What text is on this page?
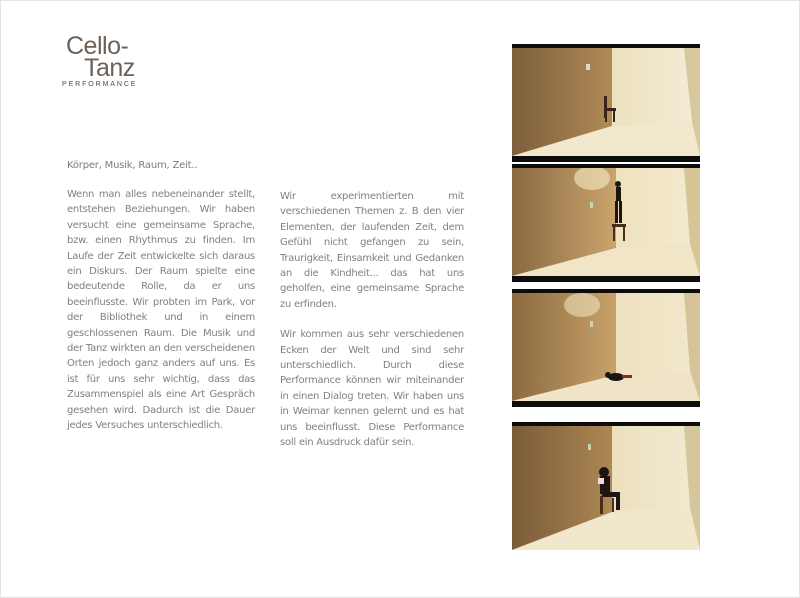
Cello-
Tanz
PERFORMANCE
Körper, Musik, Raum, Zeit..

Wenn man alles nebeneinander stellt, entstehen Beziehungen. Wir haben versucht eine gemeinsame Sprache, bzw. einen Rhythmus zu finden. Im Laufe der Zeit entwickelte sich daraus ein Diskurs. Der Raum spielte eine bedeutende Rolle, da er uns beeinflusste. Wir probten im Park, vor der Bibliothek und in einem geschlossenen Raum. Die Musik und der Tanz wirkten an den verscheidenen Orten jedoch ganz anders auf uns. Es ist für uns sehr wichtig, dass das Zusammenspiel als eine Art Gespräch gesehen wird. Dadurch ist die Dauer jedes Versuches unterschiedlich.

Wir experimentierten mit verschiedenen Themen z. B den vier Elementen, der laufenden Zeit, dem Gefühl nicht gefangen zu sein, Traurigkeit, Einsamkeit und Gedanken an die Kindheit... das hat uns geholfen, eine gemeinsame Sprache zu erfinden.

Wir kommen aus sehr verschiedenen Ecken der Welt und sind sehr unterschiedlich. Durch diese Performance können wir miteinander in einen Dialog treten. Wir haben uns in Weimar kennen gelernt und es hat uns beeinflusst. Diese Performance soll ein Ausdruck dafür sein.
